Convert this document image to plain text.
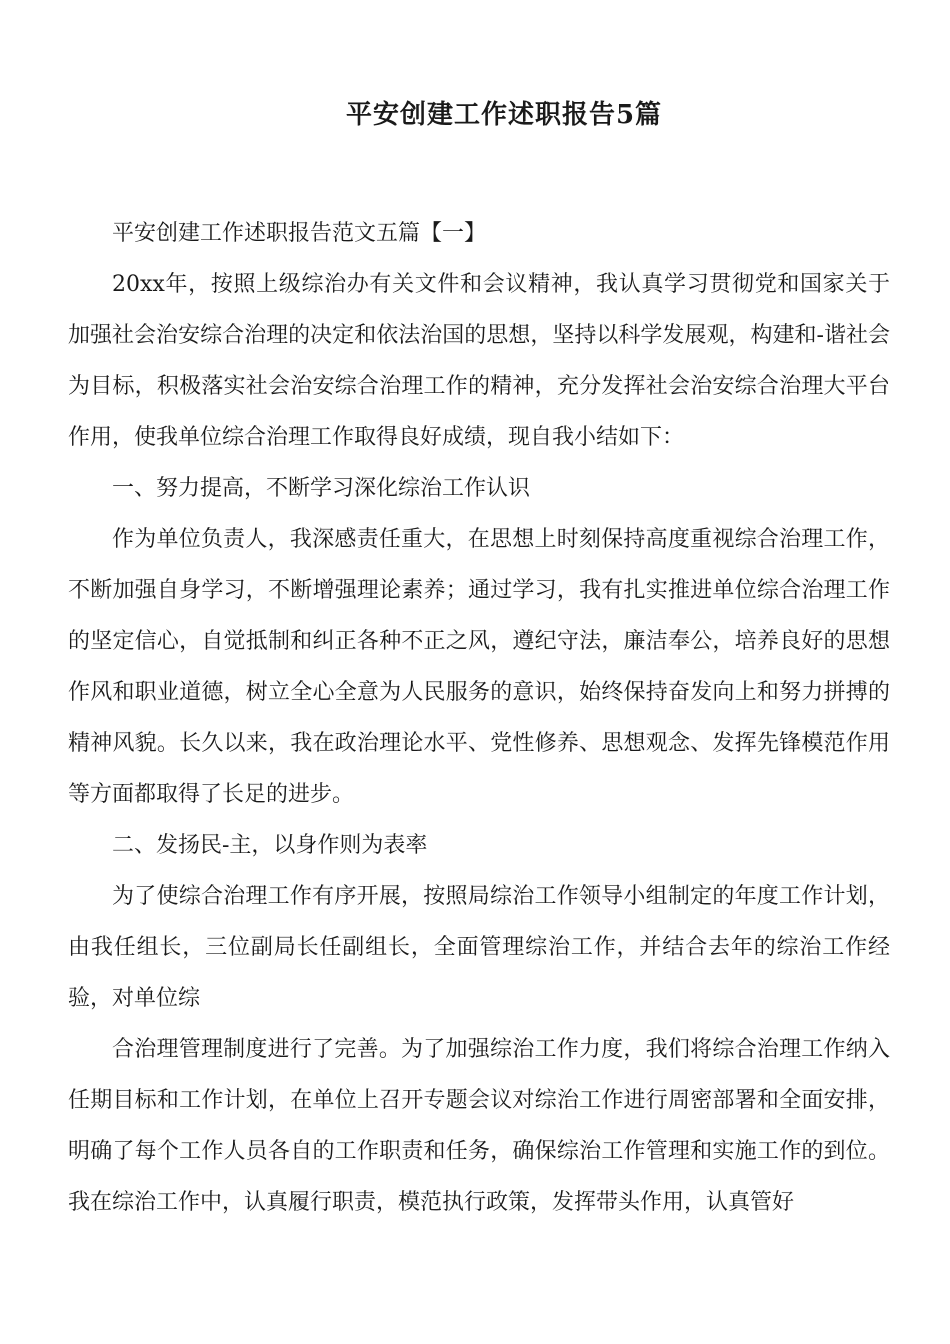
平安创建工作述职报告5篇

平安创建工作述职报告范文五篇【一】

20xx年，按照上级综治办有关文件和会议精神，我认真学习贯彻党和国家关于加强社会治安综合治理的决定和依法治国的思想，坚持以科学发展观，构建和-谐社会为目标，积极落实社会治安综合治理工作的精神，充分发挥社会治安综合治理大平台作用，使我单位综合治理工作取得良好成绩，现自我小结如下：

一、努力提高，不断学习深化综治工作认识

作为单位负责人，我深感责任重大，在思想上时刻保持高度重视综合治理工作，不断加强自身学习，不断增强理论素养；通过学习，我有扎实推进单位综合治理工作的坚定信心，自觉抵制和纠正各种不正之风，遵纪守法，廉洁奉公，培养良好的思想作风和职业道德，树立全心全意为人民服务的意识，始终保持奋发向上和努力拼搏的精神风貌。长久以来，我在政治理论水平、党性修养、思想观念、发挥先锋模范作用等方面都取得了长足的进步。

二、发扬民-主，以身作则为表率

为了使综合治理工作有序开展，按照局综治工作领导小组制定的年度工作计划，由我任组长，三位副局长任副组长，全面管理综治工作，并结合去年的综治工作经验，对单位综

合治理管理制度进行了完善。为了加强综治工作力度，我们将综合治理工作纳入任期目标和工作计划，在单位上召开专题会议对综治工作进行周密部署和全面安排，明确了每个工作人员各自的工作职责和任务，确保综治工作管理和实施工作的到位。我在综治工作中，认真履行职责，模范执行政策，发挥带头作用，认真管好
